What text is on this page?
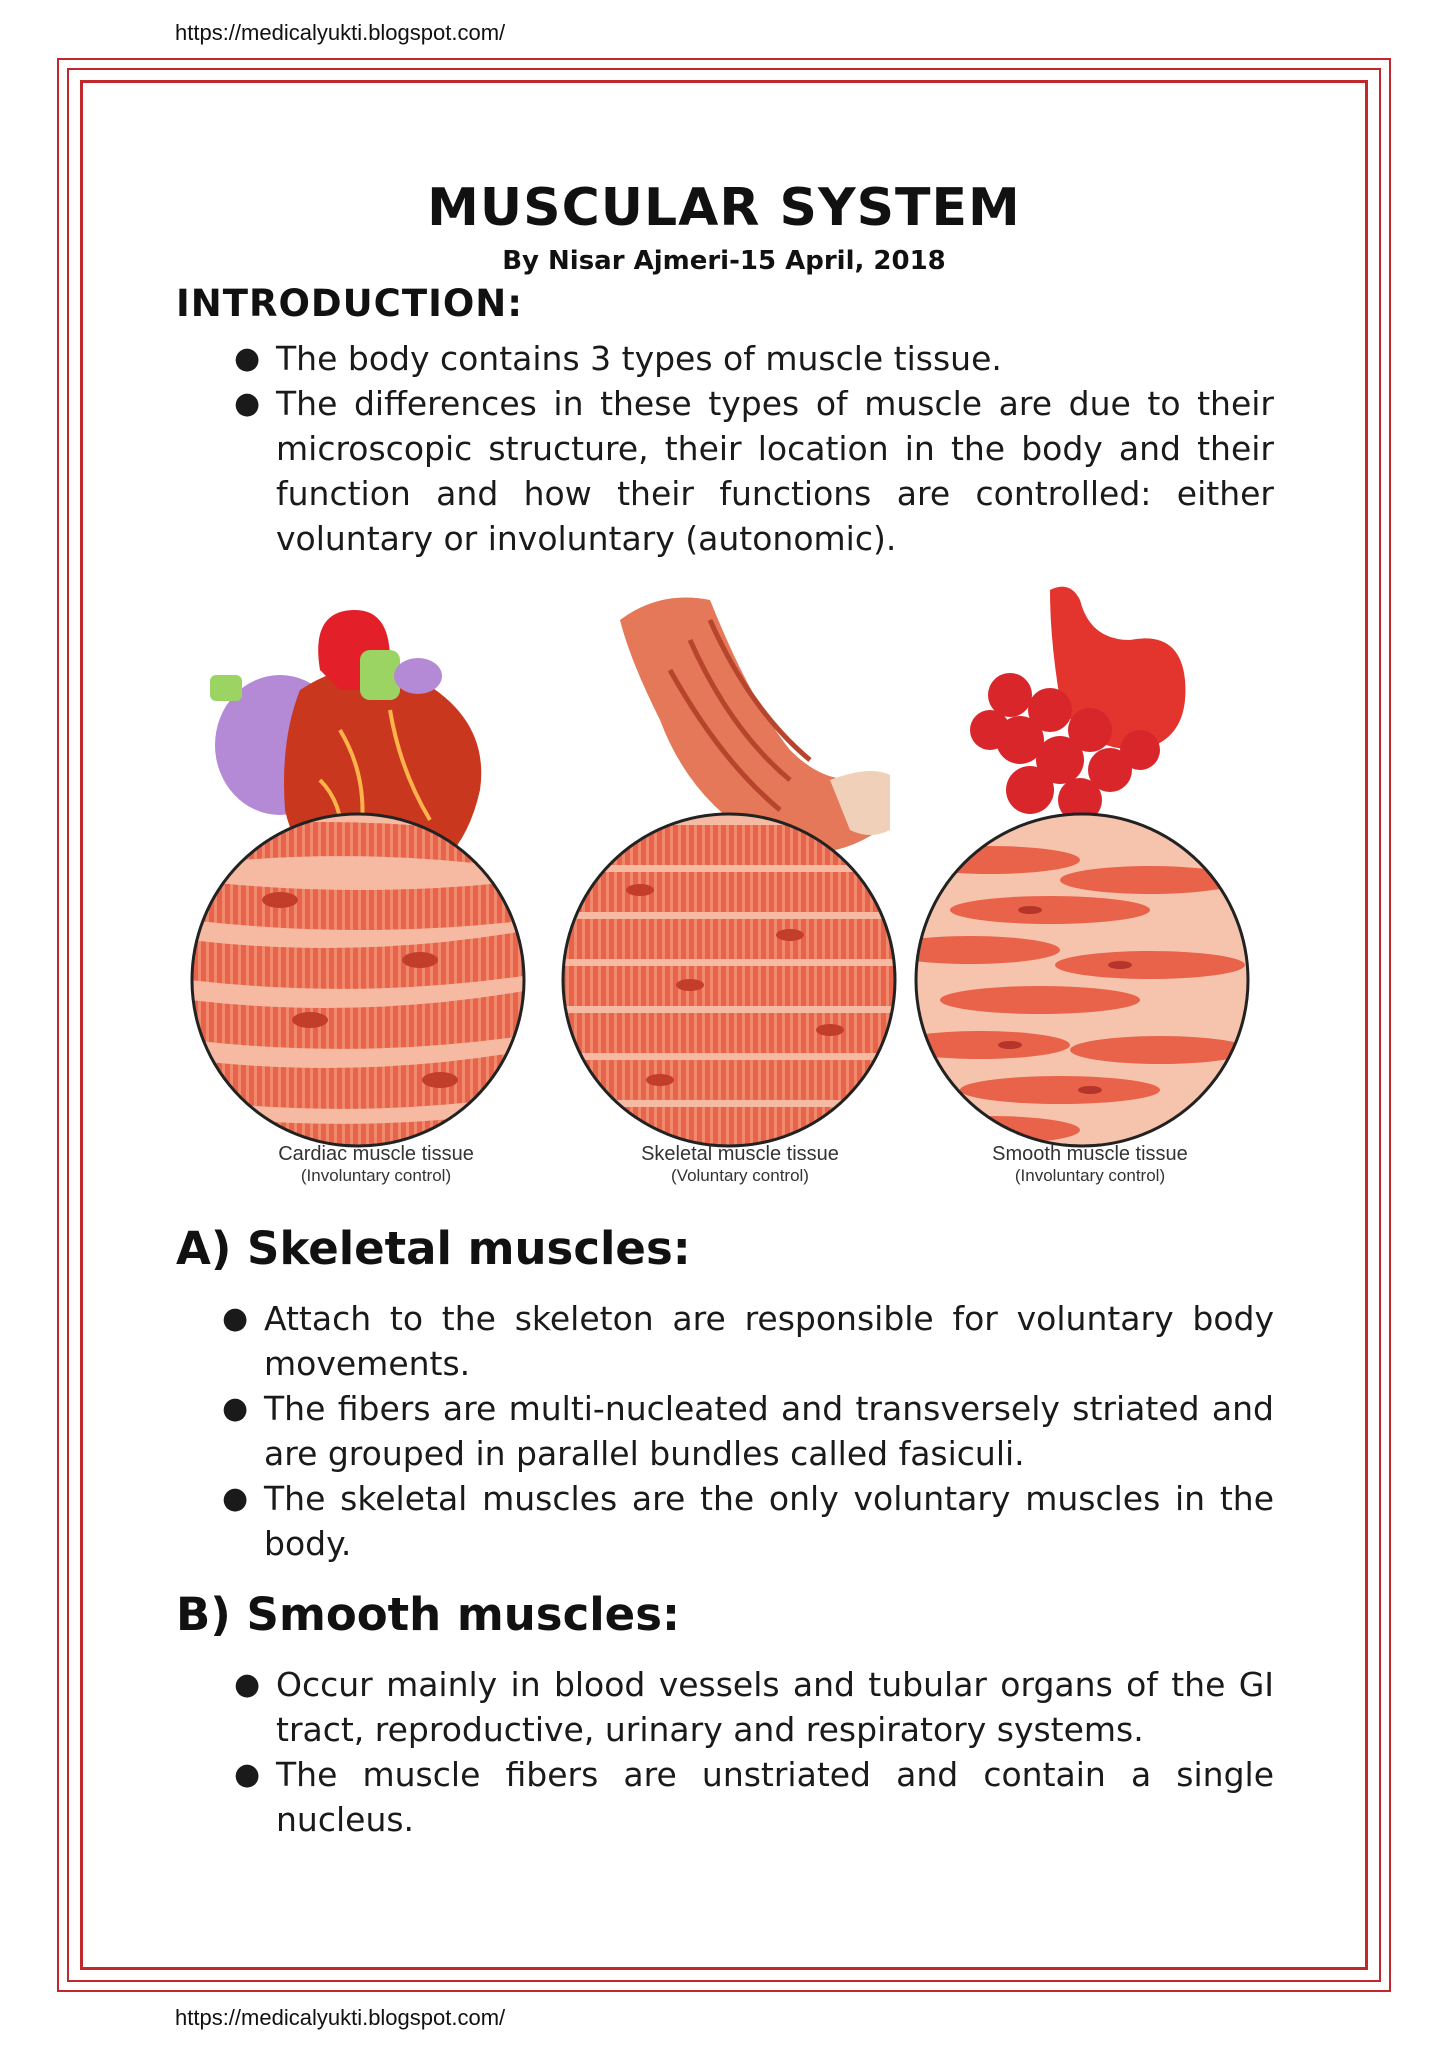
https://medicalyukti.blogspot.com/
MUSCULAR SYSTEM
By Nisar Ajmeri-15 April, 2018
INTRODUCTION:
● The body contains 3 types of muscle tissue.
● The differences in these types of muscle are due to their microscopic structure, their location in the body and their function and how their functions are controlled: either voluntary or involuntary (autonomic).
Cardiac muscle tissue
(Involuntary control)
Skeletal muscle tissue
(Voluntary control)
Smooth muscle tissue
(Involuntary control)
A) Skeletal muscles:
● Attach to the skeleton are responsible for voluntary body movements.
● The fibers are multi-nucleated and transversely striated and are grouped in parallel bundles called fasiculi.
● The skeletal muscles are the only voluntary muscles in the body.
B) Smooth muscles:
● Occur mainly in blood vessels and tubular organs of the GI tract, reproductive, urinary and respiratory systems.
● The muscle fibers are unstriated and contain a single nucleus.
https://medicalyukti.blogspot.com/
